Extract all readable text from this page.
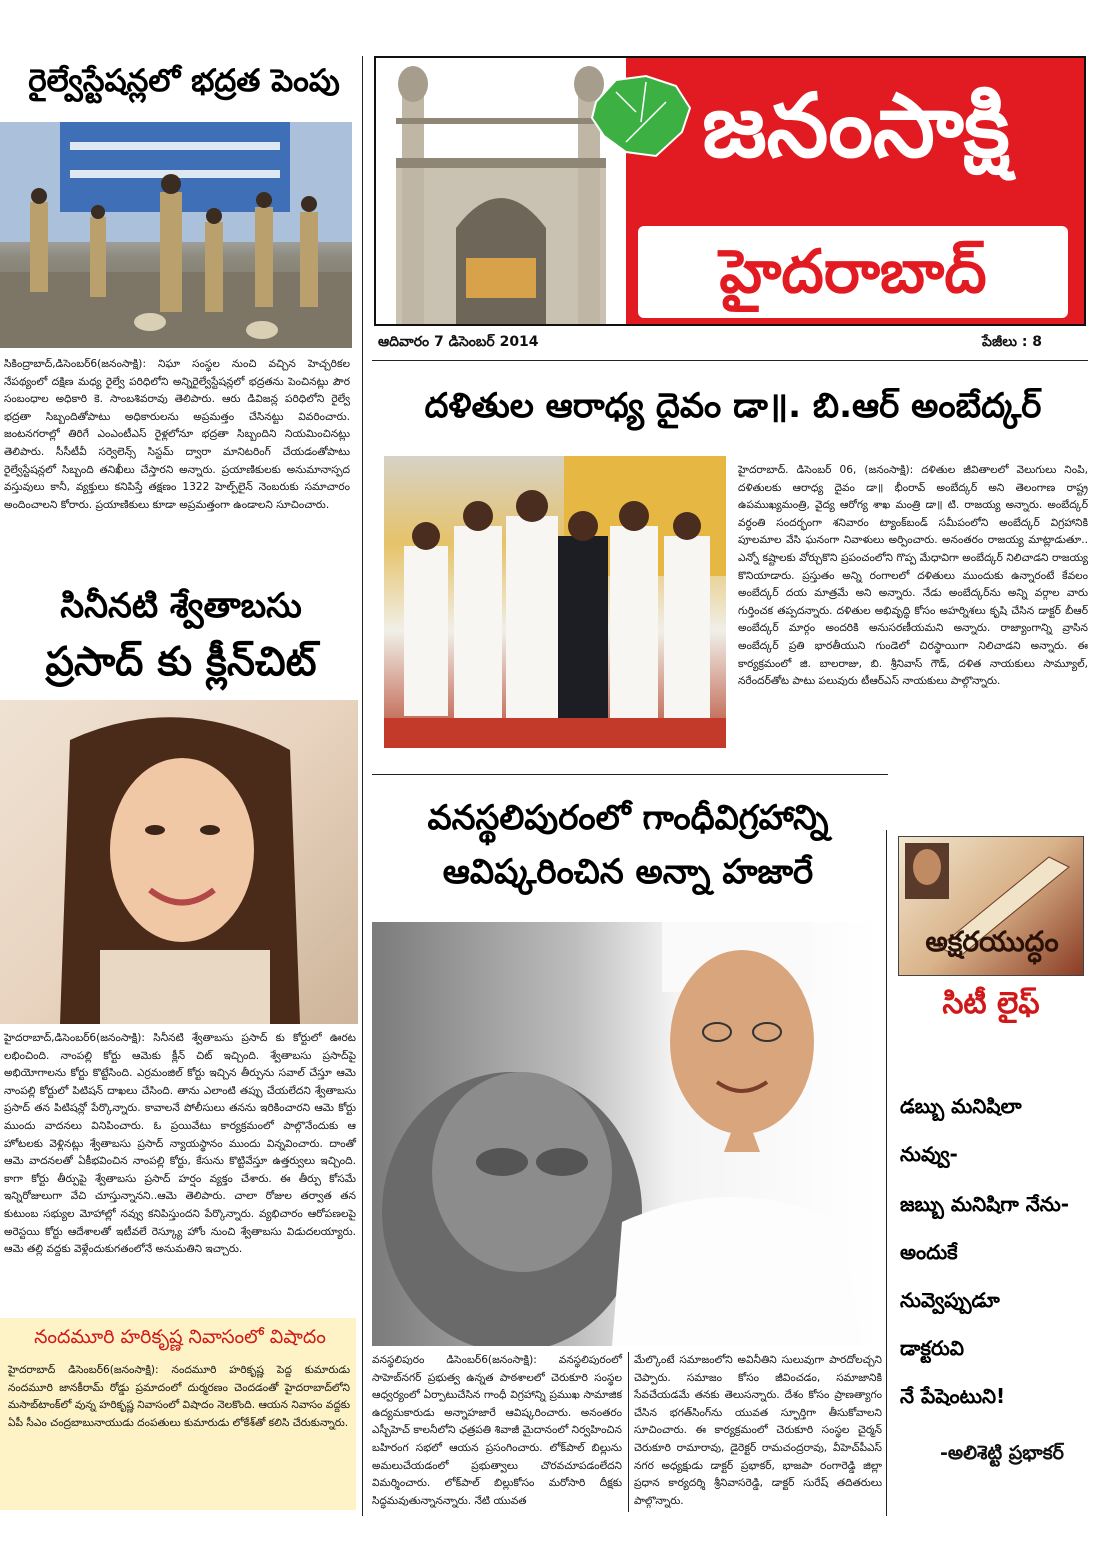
రైల్వేస్టేషన్లలో భద్రత పెంపు
సికింద్రాబాద్,డిసెంబర్6(జనంసాక్షి): నిఘా సంస్థల నుంచి వచ్చిన హెచ్చరికల నేపథ్యంలో దక్షిణ మధ్య రైల్వే పరిధిలోని అన్నిరైల్వేస్టేషన్లలో భద్రతను పెంచినట్లు పౌర సంబంధాల అధికారి కె. సాంబశివరావు తెలిపారు. ఆరు డివిజన్ల పరిధిలోని రైల్వే భద్రతా సిబ్బందితోపాటు అధికారులను అప్రమత్తం చేసినట్టు వివరించారు. జంటనగరాల్లో తిరిగే ఎంఎంటీఎస్ రైళ్లలోనూ భద్రతా సిబ్బందిని నియమించినట్లు తెలిపారు. సీసీటీవీ సర్వెలెన్స్ సిస్టమ్ ద్వారా మానిటరింగ్ చేయడంతోపాటు రైల్వేస్టేషన్లలో సిబ్బంది తనిఖీలు చేస్తారని అన్నారు. ప్రయాణికులకు అనుమానాస్పద వస్తువులు కానీ, వ్యక్తులు కనిపిస్తే తక్షణం 1322 హెల్ప్‌లైన్ నెంబరుకు సమాచారం అందించాలని కోరారు. ప్రయాణికులు కూడా అప్రమత్తంగా ఉండాలని సూచించారు.
సినీనటి శ్వేతాబసు
ప్రసాద్ కు క్లీన్‌చిట్
హైదరాబాద్,డిసెంబర్6(జనంసాక్షి): సినీనటి శ్వేతాబసు ప్రసాద్ కు కోర్టులో ఊరట లభించింది. నాంపల్లి కోర్టు ఆమెకు క్లీన్ చిట్ ఇచ్చింది. శ్వేతాబసు ప్రసాద్‌పై అభియోగాలను కోర్టు కొట్టేసింది. ఎర్రమంజిల్ కోర్టు ఇచ్చిన తీర్పును సవాల్ చేస్తూ ఆమె నాంపల్లి కోర్టులో పిటిషన్ దాఖలు చేసింది. తాను ఎలాంటి తప్పు చేయలేదని శ్వేతాబసు ప్రసాద్ తన పిటిషన్లో పేర్కొన్నారు. కావాలనే పోలీసులు తనను ఇరికించారని ఆమె కోర్టు ముందు వాదనలు వినిపించారు. ఓ ప్రయివేటు కార్యక్రమంలో పాల్గొనేందుకు ఆ హోటలకు వెళ్లినట్లు శ్వేతాబసు ప్రసాద్ న్యాయస్థానం ముందు విన్నవించారు. దాంతో ఆమె వాదనలతో ఏకీభవించిన నాంపల్లి కోర్టు, కేసును కొట్టివేస్తూ ఉత్తర్వులు ఇచ్చింది. కాగా కోర్టు తీర్పుపై శ్వేతాబసు ప్రసాద్ హర్షం వ్యక్తం చేశారు. ఈ తీర్పు కోసమే ఇన్నిరోజులుగా వేచి చూస్తున్నానని..ఆమె తెలిపారు. చాలా రోజుల తర్వాత తన కుటుంబ సభ్యుల మోహాల్లో నవ్వు కనిపిస్తుందని పేర్కొన్నారు. వ్యభిచారం ఆరోపణలపై అరెస్టయి కోర్టు ఆదేశాలతో ఇటీవలే రెస్క్యూ హోం నుంచి శ్వేతాబసు విడుదలయ్యారు. ఆమె తల్లి వద్దకు వెళ్లేందుకుగతంలోనే అనుమతిని ఇచ్చారు.
నందమూరి హరికృష్ణ నివాసంలో విషాదం
హైదరాబాద్ డిసెంబర్6(జనంసాక్షి): నందమూరి హరికృష్ణ పెద్ద కుమారుడు నందమూరి జానకీరామ్ రోడ్డు ప్రమాదంలో దుర్మరణం చెందడంతో హైదరాబాద్‌లోని మసాబ్‌టాంక్‌లో వున్న హరికృష్ణ నివాసంలో విషాదం నెలకొంది. ఆయన నివాసం వద్దకు ఏపీ సీఎం చంద్రబాబునాయుడు దంపతులు కుమారుడు లోకేశ్‌తో కలిసి చేరుకున్నారు.
జనంసాక్షి
హైదరాబాద్
ఆదివారం 7 డిసెంబర్ 2014	పేజీలు : 8
దళితుల ఆరాధ్య దైవం డా॥. బి.ఆర్ అంబేద్కర్
హైదరాబాద్. డిసెంబర్ 06, (జనంసాక్షి): దళితుల జీవితాలలో వెలుగులు నింపి, దళితులకు ఆరాధ్య దైవం డా॥ భీంరావ్ అంబేద్కర్ అని తెలంగాణ రాష్ట్ర ఉపముఖ్యమంత్రి, వైద్య ఆరోగ్య శాఖ మంత్రి డా॥ టి. రాజయ్య అన్నారు. అంబేద్కర్ వర్ధంతి సందర్భంగా శనివారం ట్యాంక్‌బండ్ సమీపంలోని అంబేద్కర్ విగ్రహానికి పూలమాల వేసి ఘనంగా నివాళులు అర్పించారు. అనంతరం రాజయ్య మాట్లాడుతూ.. ఎన్నో కష్టాలకు వోర్చుకొని ప్రపంచంలోని గొప్ప మేధావిగా అంబేద్కర్ నిలిచాడని రాజయ్య కొనియాడారు. ప్రస్తుతం అన్ని రంగాలలో దళితులు ముందుకు ఉన్నారంటే కేవలం అంబేద్కర్ దయ మాత్రమే అని అన్నారు. నేడు అంబేద్కర్‌ను అన్ని వర్గాల వారు గుర్తించక తప్పదన్నారు. దళితుల అభివృద్ధి కోసం అహర్నిశలు కృషి చేసిన డాక్టర్ బీఆర్ అంబేద్కర్ మార్గం అందరికి అనుసరణీయమని అన్నారు. రాజ్యాంగాన్ని వ్రాసిన అంబేద్కర్ ప్రతి భారతీయుని గుండెలో చిరస్థాయిగా నిలిచాడని అన్నారు. ఈ కార్యక్రమంలో జి. బాలరాజు, బి. శ్రీనివాస్ గౌడ్, దళిత నాయకులు సామ్యూల్, నరేందర్‌తోట పాటు పలువురు టీఆర్ఎస్ నాయకులు పాల్గొన్నారు.
వనస్థలిపురంలో గాంధీవిగ్రహాన్ని
ఆవిష్కరించిన అన్నా హజారే
వనస్థలిపురం డిసెంబర్6(జనంసాక్షి): వనస్థలిపురంలో సాహెబ్‌నగర్ ప్రభుత్వ ఉన్నత పాఠశాలలో చెరుకూరి సంస్థల ఆధ్వర్యంలో ఏర్పాటుచేసిన గాంధీ విగ్రహాన్ని ప్రముఖ సామాజిక ఉద్యమకారుడు అన్నాహజారే ఆవిష్కరించారు. అనంతరం ఎస్బీహెచ్ కాలనీలోని ఛత్రపతి శివాజీ మైదానంలో నిర్వహించిన బహిరంగ సభలో ఆయన ప్రసంగించారు. లోక్‌పాల్ బిల్లును అమలుచేయడంలో ప్రభుత్వాలు చొరవచూపడంలేదని విమర్శించారు. లోక్‌పాల్ బిల్లుకోసం మరోసారి దీక్షకు సిద్ధమవుతున్నానన్నారు. నేటి యువత
మేల్కొంటే సమాజంలోని అవినీతిని సులువుగా పారదోలచ్చని చెప్పారు. సమాజం కోసం జీవించడం, సమాజానికి సేవచేయడమే తనకు తెలుసన్నారు. దేశం కోసం ప్రాణత్యాగం చేసిన భగత్‌సింగ్‌ను యువత స్ఫూర్తిగా తీసుకోవాలని సూచించారు. ఈ కార్యక్రమంలో చెరుకూరి సంస్థల చైర్మన్ చెరుకూరి రామారావు, డైరెక్టర్ రామచంద్రరావు, వీహెచ్‌పీఎస్ నగర అధ్యక్షుడు డాక్టర్ ప్రభాకర్, భాజపా రంగారెడ్డి జిల్లా ప్రధాన కార్యదర్శి శ్రీనివాసరెడ్డి, డాక్టర్ సురేష్ తదితరులు పాల్గొన్నారు.
అక్షరయుద్ధం
సిటీ లైఫ్
డబ్బు మనిషిలా
నువ్వు-
జబ్బు మనిషిగా నేను-
అందుకే
నువ్వెప్పుడూ
డాక్టరువి
నే పేషెంటుని!
-అలిశెట్టి ప్రభాకర్
